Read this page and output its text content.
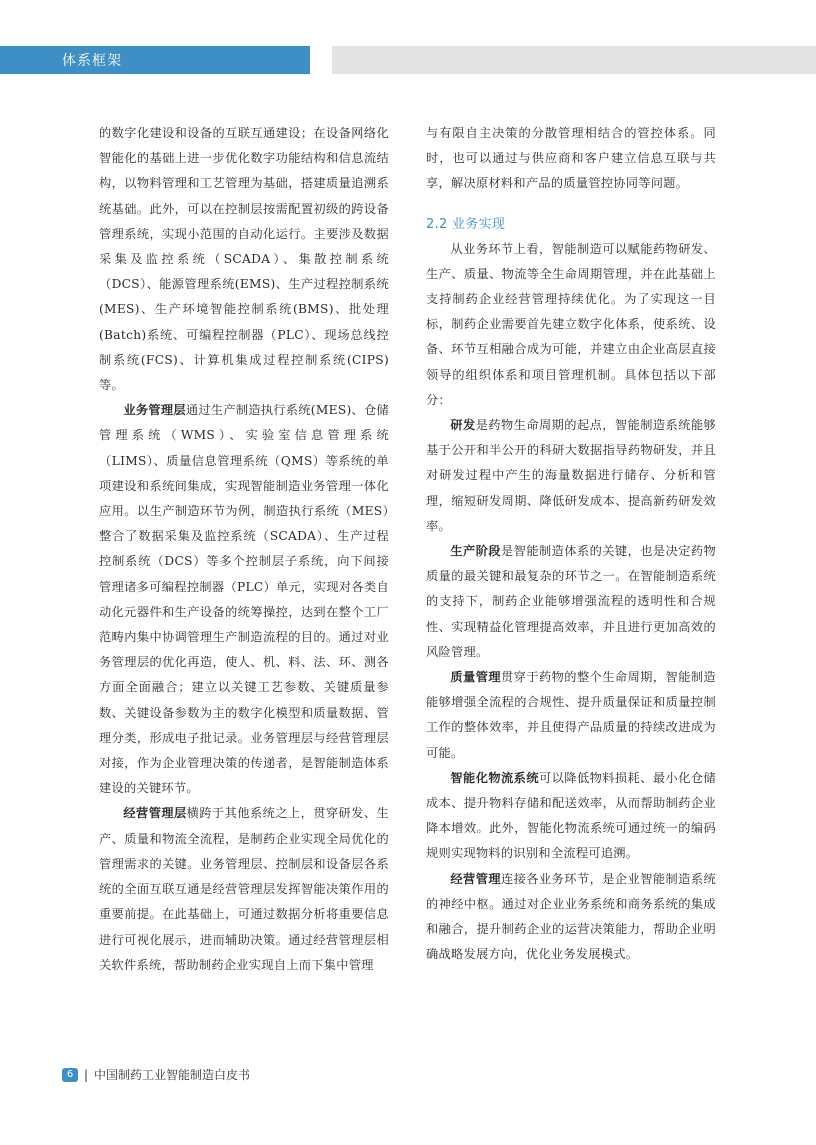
体系框架

的数字化建设和设备的互联互通建设；在设备网络化智能化的基础上进一步优化数字功能结构和信息流结构，以物料管理和工艺管理为基础，搭建质量追溯系统基础。此外，可以在控制层按需配置初级的跨设备管理系统，实现小范围的自动化运行。主要涉及数据采集及监控系统（SCADA）、集散控制系统（DCS）、能源管理系统(EMS)、生产过程控制系统(MES)、生产环境智能控制系统(BMS)、批处理(Batch)系统、可编程控制器（PLC）、现场总线控制系统(FCS)、计算机集成过程控制系统(CIPS)等。

业务管理层通过生产制造执行系统(MES)、仓储管理系统（WMS）、实验室信息管理系统（LIMS）、质量信息管理系统（QMS）等系统的单项建设和系统间集成，实现智能制造业务管理一体化应用。以生产制造环节为例，制造执行系统（MES）整合了数据采集及监控系统（SCADA）、生产过程控制系统（DCS）等多个控制层子系统，向下间接管理诸多可编程控制器（PLC）单元，实现对各类自动化元器件和生产设备的统筹操控，达到在整个工厂范畴内集中协调管理生产制造流程的目的。通过对业务管理层的优化再造，使人、机、料、法、环、测各方面全面融合；建立以关键工艺参数、关键质量参数、关键设备参数为主的数字化模型和质量数据、管理分类，形成电子批记录。业务管理层与经营管理层对接，作为企业管理决策的传递者，是智能制造体系建设的关键环节。

经营管理层横跨于其他系统之上，贯穿研发、生产、质量和物流全流程，是制药企业实现全局优化的管理需求的关键。业务管理层、控制层和设备层各系统的全面互联互通是经营管理层发挥智能决策作用的重要前提。在此基础上，可通过数据分析将重要信息进行可视化展示，进而辅助决策。通过经营管理层相关软件系统，帮助制药企业实现自上而下集中管理

与有限自主决策的分散管理相结合的管控体系。同时，也可以通过与供应商和客户建立信息互联与共享，解决原材料和产品的质量管控协同等问题。

2.2 业务实现

从业务环节上看，智能制造可以赋能药物研发、生产、质量、物流等全生命周期管理，并在此基础上支持制药企业经营管理持续优化。为了实现这一目标，制药企业需要首先建立数字化体系，使系统、设备、环节互相融合成为可能，并建立由企业高层直接领导的组织体系和项目管理机制。具体包括以下部分：

研发是药物生命周期的起点，智能制造系统能够基于公开和半公开的科研大数据指导药物研发，并且对研发过程中产生的海量数据进行储存、分析和管理，缩短研发周期、降低研发成本、提高新药研发效率。

生产阶段是智能制造体系的关键，也是决定药物质量的最关键和最复杂的环节之一。在智能制造系统的支持下，制药企业能够增强流程的透明性和合规性、实现精益化管理提高效率，并且进行更加高效的风险管理。

质量管理贯穿于药物的整个生命周期，智能制造能够增强全流程的合规性、提升质量保证和质量控制工作的整体效率，并且使得产品质量的持续改进成为可能。

智能化物流系统可以降低物料损耗、最小化仓储成本、提升物料存储和配送效率，从而帮助制药企业降本增效。此外，智能化物流系统可通过统一的编码规则实现物料的识别和全流程可追溯。

经营管理连接各业务环节，是企业智能制造系统的神经中枢。通过对企业业务系统和商务系统的集成和融合，提升制药企业的运营决策能力，帮助企业明确战略发展方向，优化业务发展模式。

6 | 中国制药工业智能制造白皮书
